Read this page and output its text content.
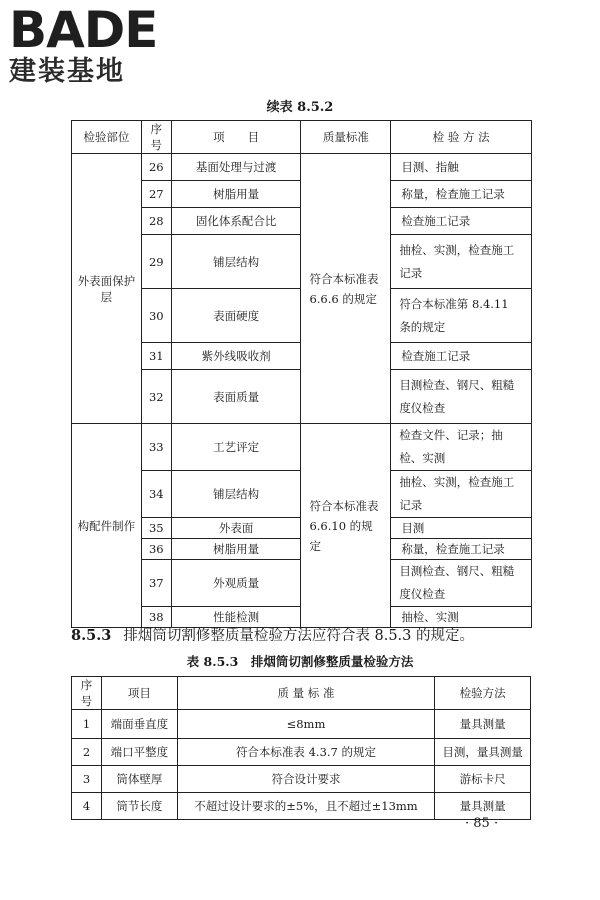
BADE
建装基地
续表 8.5.2
检验部位	序号	项　　目	质量标准	检 验 方 法
外表面保护层	26	基面处理与过渡	符合本标准表 6.6.6 的规定	目测、指触
	27	树脂用量		称量，检查施工记录
	28	固化体系配合比		检查施工记录
	29	铺层结构		抽检、实测，检查施工记录
	30	表面硬度		符合本标准第 8.4.11 条的规定
	31	紫外线吸收剂		检查施工记录
	32	表面质量		目测检查、钢尺、粗糙度仪检查
构配件制作	33	工艺评定	符合本标准表 6.6.10 的规定	检查文件、记录；抽检、实测
	34	铺层结构		抽检、实测，检查施工记录
	35	外表面		目测
	36	树脂用量		称量，检查施工记录
	37	外观质量		目测检查、钢尺、粗糙度仪检查
	38	性能检测		抽检、实测
8.5.3 排烟筒切割修整质量检验方法应符合表 8.5.3 的规定。
表 8.5.3　排烟筒切割修整质量检验方法
序号	项目	质 量 标 准	检验方法
1	端面垂直度	≤8mm	量具测量
2	端口平整度	符合本标准表 4.3.7 的规定	目测，量具测量
3	筒体壁厚	符合设计要求	游标卡尺
4	筒节长度	不超过设计要求的±5%，且不超过±13mm	量具测量
· 85 ·
